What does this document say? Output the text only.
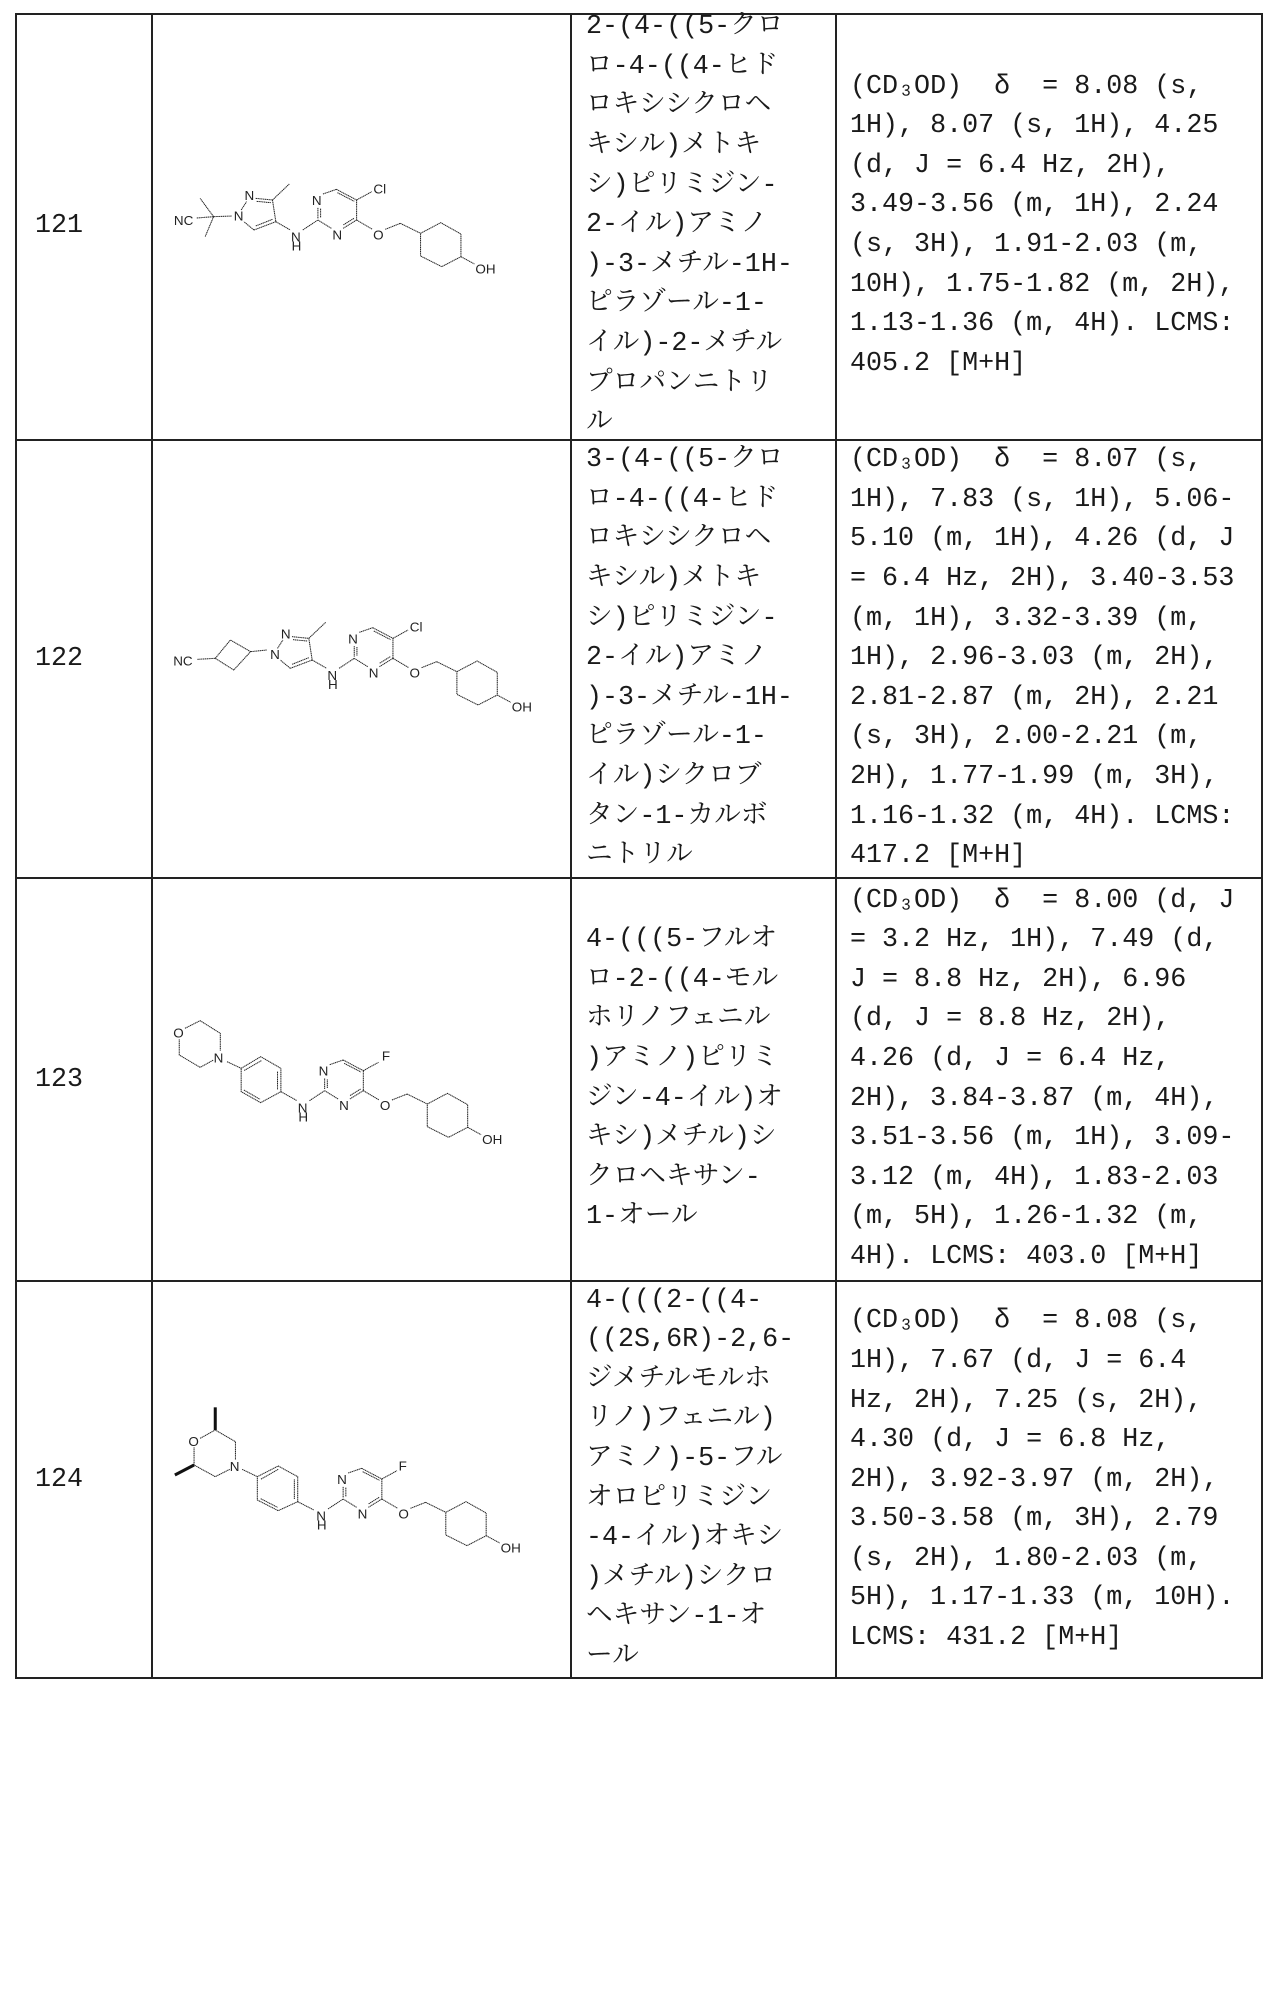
121 NC
Cl
2-(4-((5-クロ
ロ-4-((4-ヒド
ロキシシクロヘ
キシル)メトキ
シ)ピリミジン-
2-イル)アミノ
)-3-メチル-1H-
ピラゾール-1-
イル)-2-メチル
プロパンニトリ
ル
(CD₃OD)  δ  = 8.08 (s,
1H), 8.07 (s, 1H), 4.25
(d, J = 6.4 Hz, 2H),
3.49-3.56 (m, 1H), 2.24
(s, 3H), 1.91-2.03 (m,
10H), 1.75-1.82 (m, 2H),
1.13-1.36 (m, 4H). LCMS:
405.2 [M+H]
122 NC
Cl
3-(4-((5-クロ
ロ-4-((4-ヒド
ロキシシクロヘ
キシル)メトキ
シ)ピリミジン-
2-イル)アミノ
)-3-メチル-1H-
ピラゾール-1-
イル)シクロブ
タン-1-カルボ
ニトリル
(CD₃OD)  δ  = 8.07 (s,
1H), 7.83 (s, 1H), 5.06-
5.10 (m, 1H), 4.26 (d, J
= 6.4 Hz, 2H), 3.40-3.53
(m, 1H), 3.32-3.39 (m,
1H), 2.96-3.03 (m, 2H),
2.81-2.87 (m, 2H), 2.21
(s, 3H), 2.00-2.21 (m,
2H), 1.77-1.99 (m, 3H),
1.16-1.32 (m, 4H). LCMS:
417.2 [M+H]
123
O
N	F
4-(((5-フルオ
ロ-2-((4-モル
ホリノフェニル
)アミノ)ピリミ
ジン-4-イル)オ
キシ)メチル)シ
クロヘキサン-
1-オール
(CD₃OD)  δ  = 8.00 (d, J
= 3.2 Hz, 1H), 7.49 (d,
J = 8.8 Hz, 2H), 6.96
(d, J = 8.8 Hz, 2H),
4.26 (d, J = 6.4 Hz,
2H), 3.84-3.87 (m, 4H),
3.51-3.56 (m, 1H), 3.09-
3.12 (m, 4H), 1.83-2.03
(m, 5H), 1.26-1.32 (m,
4H). LCMS: 403.0 [M+H]
124
O
N	F
4-(((2-((4-
((2S,6R)-2,6-
ジメチルモルホ
リノ)フェニル)
アミノ)-5-フル
オロピリミジン
-4-イル)オキシ
)メチル)シクロ
ヘキサン-1-オ
ール
(CD₃OD)  δ  = 8.08 (s,
1H), 7.67 (d, J = 6.4
Hz, 2H), 7.25 (s, 2H),
4.30 (d, J = 6.8 Hz,
2H), 3.92-3.97 (m, 2H),
3.50-3.58 (m, 3H), 2.79
(s, 2H), 1.80-2.03 (m,
5H), 1.17-1.33 (m, 10H).
LCMS: 431.2 [M+H]
